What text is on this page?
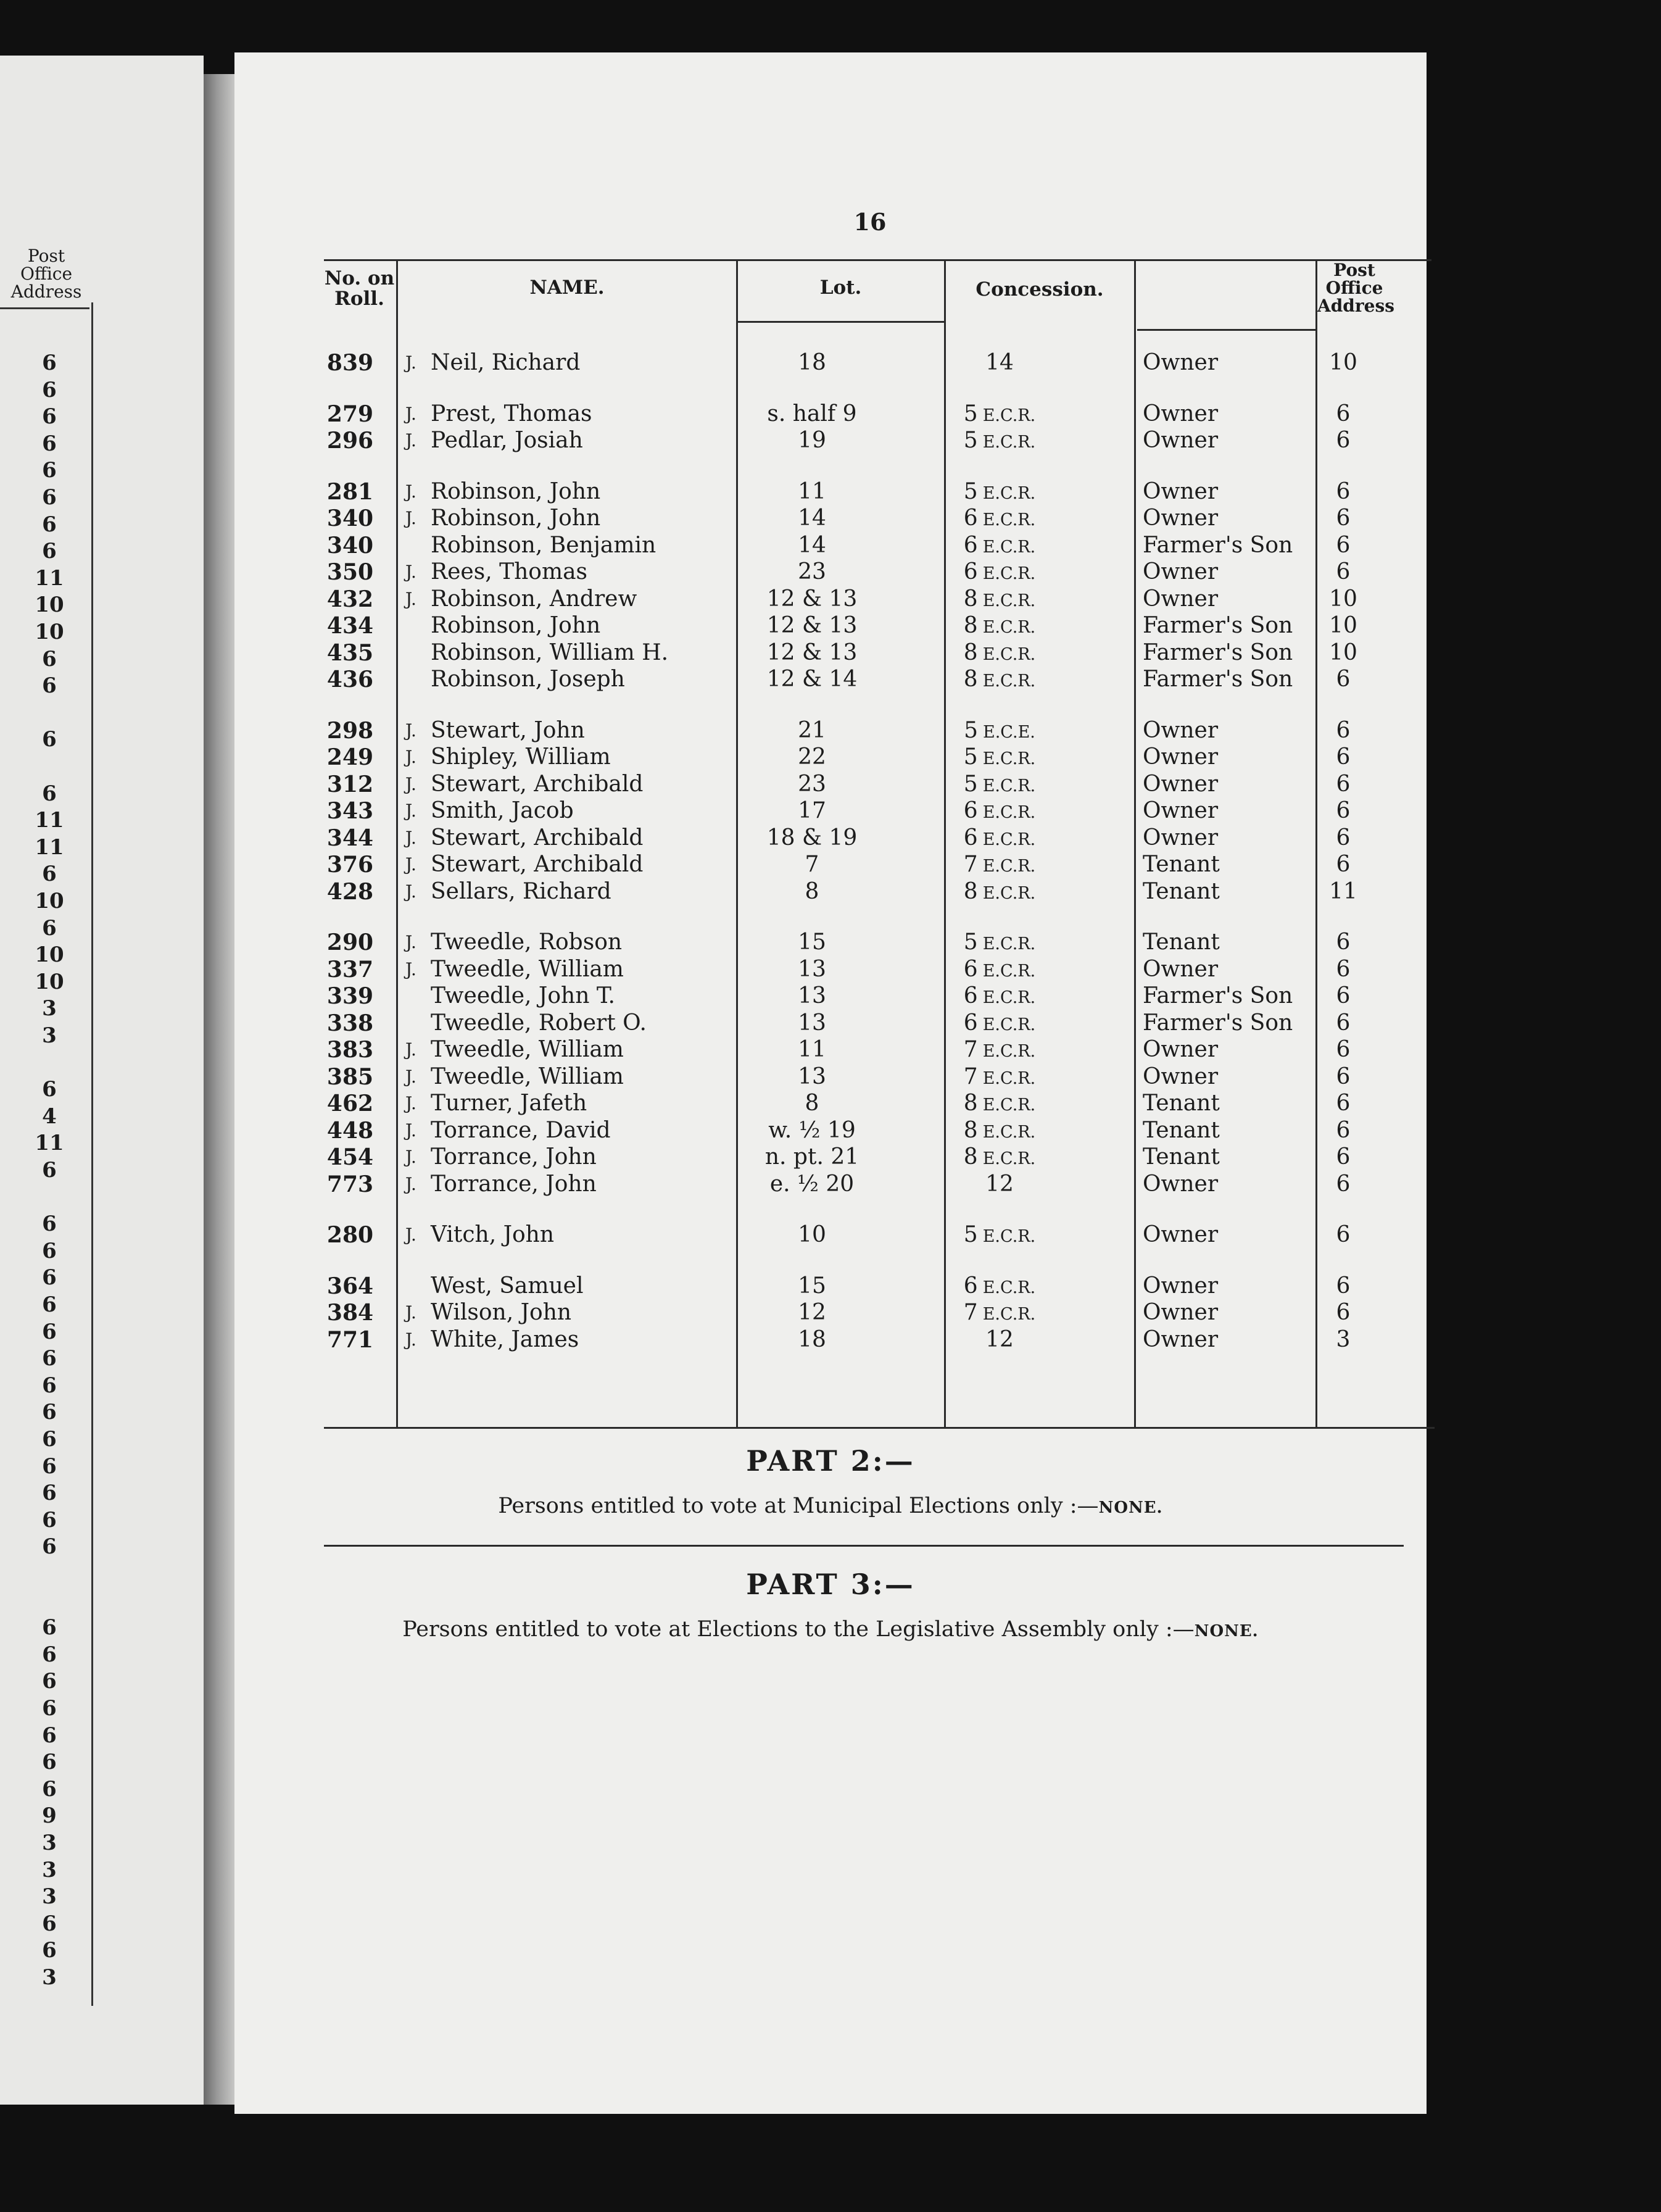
Post
Office
Address
6
6
6
6
6
6
6
6
11
10
10
6
6
6
6
11
11
6
10
6
10
10
3
3
6
4
11
6
6
6
6
6
6
6
6
6
6
6
6
6
6
6
6
6
6
6
6
6
9
3
3
3
6
6
3
16
No. on
Roll.	NAME.	Lot.	Concession.
Post
Office
Address
PART 2:—
Persons entitled to vote at Municipal Elections only :—NONE.
PART 3:—
Persons entitled to vote at Elections to the Legislative Assembly only :—NONE.
839	J. Neil, Richard	18	14	Owner	10
279	J. Prest, Thomas	s. half 9	5 E.C.R.	Owner	6
296	J. Pedlar, Josiah	19	5 E.C.R.	Owner	6
281	J. Robinson, John	11	5 E.C.R.	Owner	6
340	J. Robinson, John	14	6 E.C.R.	Owner	6
340	Robinson, Benjamin	14	6 E.C.R.	Farmer's Son	6
350	J. Rees, Thomas	23	6 E.C.R.	Owner	6
432	J. Robinson, Andrew	12 & 13	8 E.C.R.	Owner	10
434	Robinson, John	12 & 13	8 E.C.R.	Farmer's Son	10
435	Robinson, William H.	12 & 13	8 E.C.R.	Farmer's Son	10
436	Robinson, Joseph	12 & 14	8 E.C.R.	Farmer's Son	6
298	J. Stewart, John	21	5 E.C.E.	Owner	6
249	J. Shipley, William	22	5 E.C.R.	Owner	6
312	J. Stewart, Archibald	23	5 E.C.R.	Owner	6
343	J. Smith, Jacob	17	6 E.C.R.	Owner	6
344	J. Stewart, Archibald	18 & 19	6 E.C.R.	Owner	6
376	J. Stewart, Archibald	7	7 E.C.R.	Tenant	6
428	J. Sellars, Richard	8	8 E.C.R.	Tenant	11
290	J. Tweedle, Robson	15	5 E.C.R.	Tenant	6
337	J. Tweedle, William	13	6 E.C.R.	Owner	6
339	Tweedle, John T.	13	6 E.C.R.	Farmer's Son	6
338	Tweedle, Robert O.	13	6 E.C.R.	Farmer's Son	6
383	J. Tweedle, William	11	7 E.C.R.	Owner	6
385	J. Tweedle, William	13	7 E.C.R.	Owner	6
462	J. Turner, Jafeth	8	8 E.C.R.	Tenant	6
448	J. Torrance, David	w. ½ 19	8 E.C.R.	Tenant	6
454	J. Torrance, John	n. pt. 21	8 E.C.R.	Tenant	6
773	J. Torrance, John	e. ½ 20	12	Owner	6
280	J. Vitch, John	10	5 E.C.R.	Owner	6
364	West, Samuel	15	6 E.C.R.	Owner	6
384	J. Wilson, John	12	7 E.C.R.	Owner	6
771	J. White, James	18	12	Owner	3
